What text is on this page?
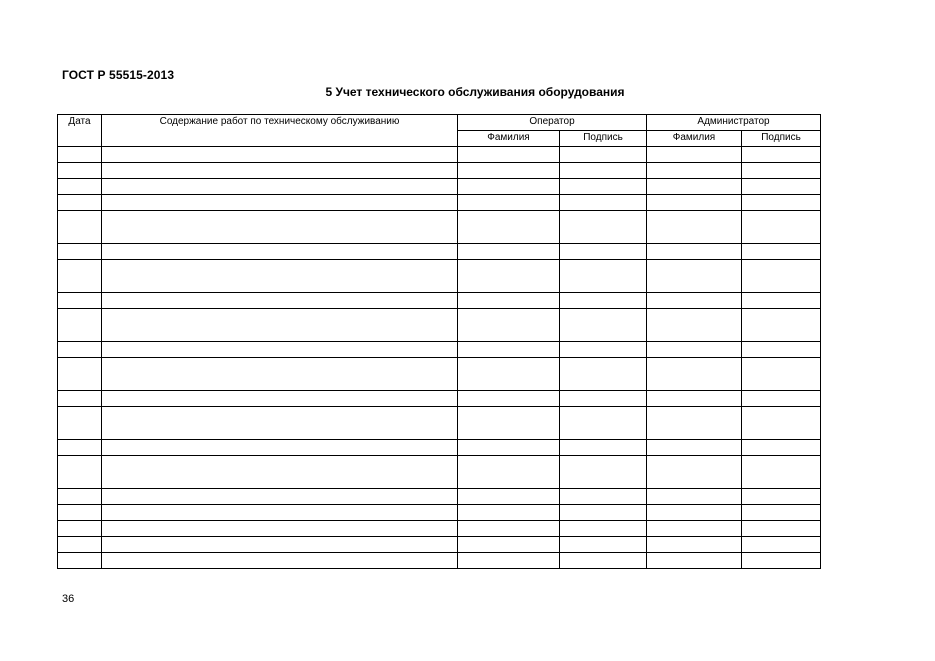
ГОСТ Р 55515-2013
5 Учет технического обслуживания оборудования
Дата	Содержание работ по техническому обслуживанию	Оператор		Администратор	
		Фамилия	Подпись	Фамилия	Подпись

36
